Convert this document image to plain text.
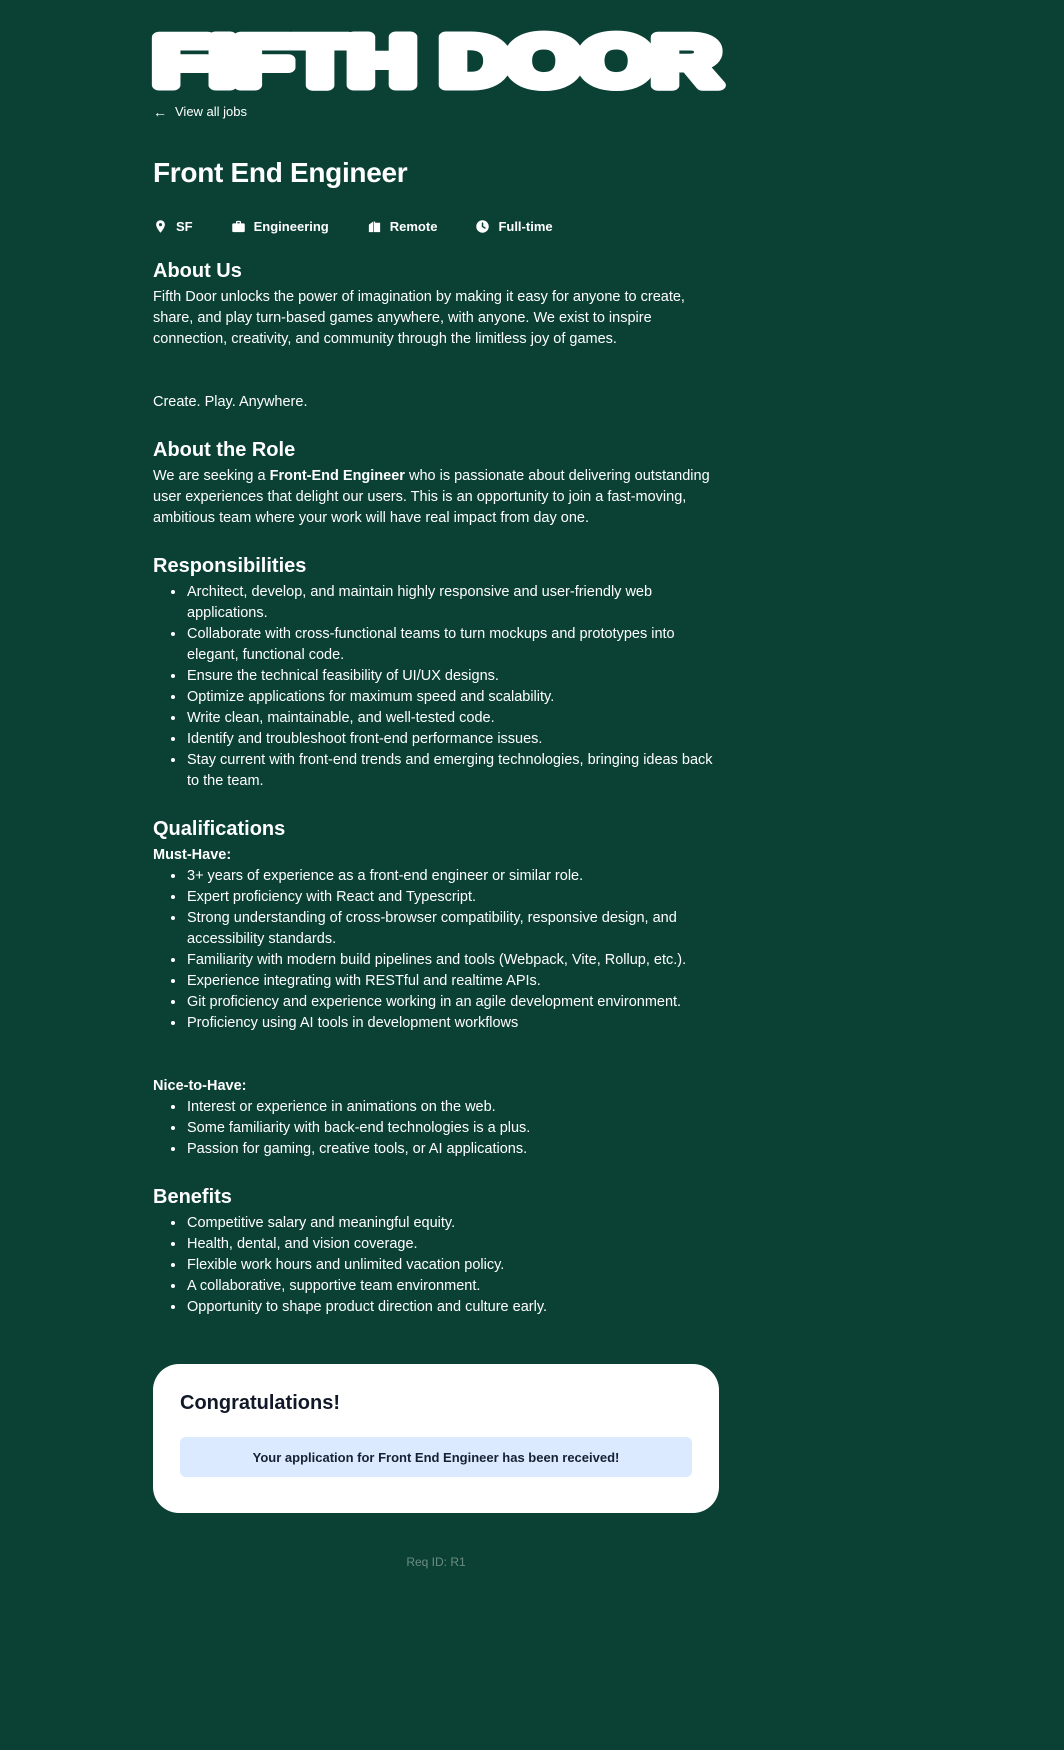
FIFTH DOOR
← View all jobs
Front End Engineer
SF	Engineering	Remote	Full-time
About Us

Fifth Door unlocks the power of imagination by making it easy for anyone to create, share, and play turn-based games anywhere, with anyone. We exist to inspire connection, creativity, and community through the limitless joy of games.

Create. Play. Anywhere.

About the Role

We are seeking a Front-End Engineer who is passionate about delivering outstanding user experiences that delight our users. This is an opportunity to join a fast-moving, ambitious team where your work will have real impact from day one.

Responsibilities
• Architect, develop, and maintain highly responsive and user-friendly web applications.
• Collaborate with cross-functional teams to turn mockups and prototypes into elegant, functional code.
• Ensure the technical feasibility of UI/UX designs.
• Optimize applications for maximum speed and scalability.
• Write clean, maintainable, and well-tested code.
• Identify and troubleshoot front-end performance issues.
• Stay current with front-end trends and emerging technologies, bringing ideas back to the team.
Qualifications

Must-Have:

• 3+ years of experience as a front-end engineer or similar role.
• Expert proficiency with React and Typescript.
• Strong understanding of cross-browser compatibility, responsive design, and accessibility standards.
• Familiarity with modern build pipelines and tools (Webpack, Vite, Rollup, etc.).
• Experience integrating with RESTful and realtime APIs.
• Git proficiency and experience working in an agile development environment.
• Proficiency using AI tools in development workflows

Nice-to-Have:

• Interest or experience in animations on the web.
• Some familiarity with back-end technologies is a plus.
• Passion for gaming, creative tools, or AI applications.
Benefits
• Competitive salary and meaningful equity.
• Health, dental, and vision coverage.
• Flexible work hours and unlimited vacation policy.
• A collaborative, supportive team environment.
• Opportunity to shape product direction and culture early.
Congratulations!
Your application for Front End Engineer has been received!
Req ID: R1
